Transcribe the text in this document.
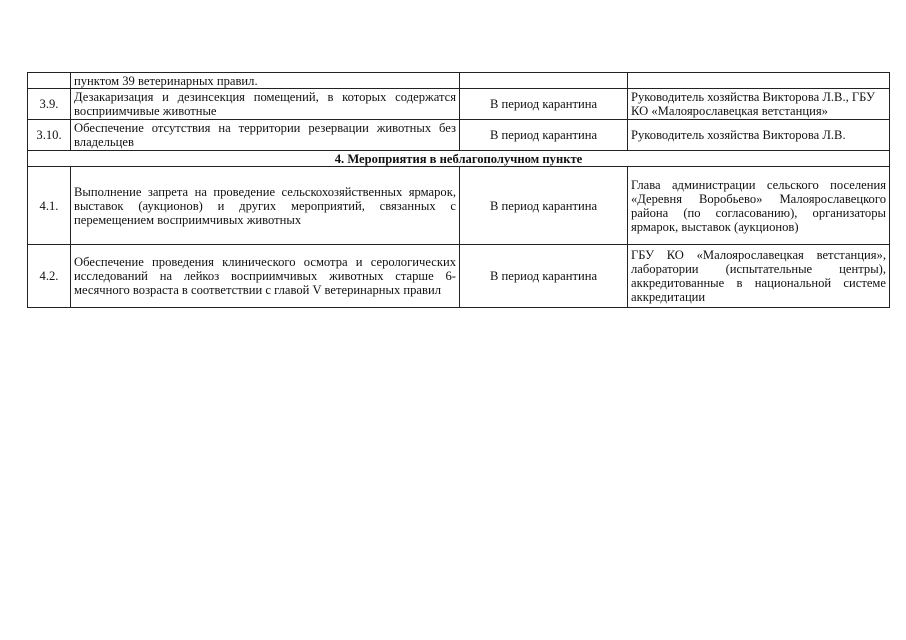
	пунктом 39 ветеринарных правил.		
3.9.	Дезакаризация и дезинсекция помещений, в которых содержатся восприимчивые животные	В период карантина	Руководитель хозяйства Викторова Л.В., ГБУ КО «Малоярославецкая ветстанция»
3.10.	Обеспечение отсутствия на территории резервации животных без владельцев	В период карантина	Руководитель хозяйства Викторова Л.В.
4. Мероприятия в неблагополучном пункте			
4.1.	Выполнение запрета на проведение сельскохозяйственных ярмарок, выставок (аукционов) и других мероприятий, связанных с перемещением восприимчивых животных	В период карантина	Глава администрации сельского поселения «Деревня Воробьево» Малоярославецкого района (по согласованию), организаторы ярмарок, выставок (аукционов)
4.2.	Обеспечение проведения клинического осмотра и серологических исследований на лейкоз восприимчивых животных старше 6-месячного возраста в соответствии с главой V ветеринарных правил	В период карантина	ГБУ КО «Малоярославецкая ветстанция», лаборатории (испытательные центры), аккредитованные в национальной системе аккредитации
